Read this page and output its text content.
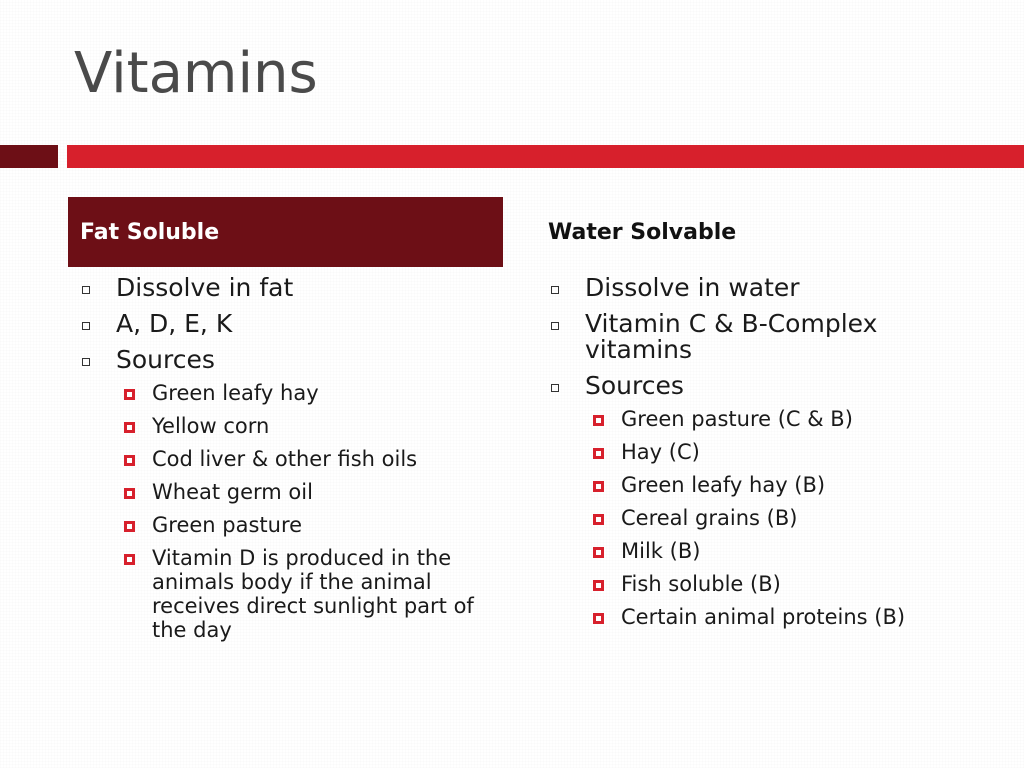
Vitamins
Fat Soluble	Water Solvable
Dissolve in fat
A, D, E, K
Sources
Green leafy hay
Yellow corn
Cod liver & other fish oils
Wheat germ oil
Green pasture
Vitamin D is produced in the animals body if the animal receives direct sunlight part of the day
Dissolve in water
Vitamin C & B-Complex vitamins
Sources
Green pasture (C & B)
Hay (C)
Green leafy hay (B)
Cereal grains (B)
Milk (B)
Fish soluble (B)
Certain animal proteins (B)
